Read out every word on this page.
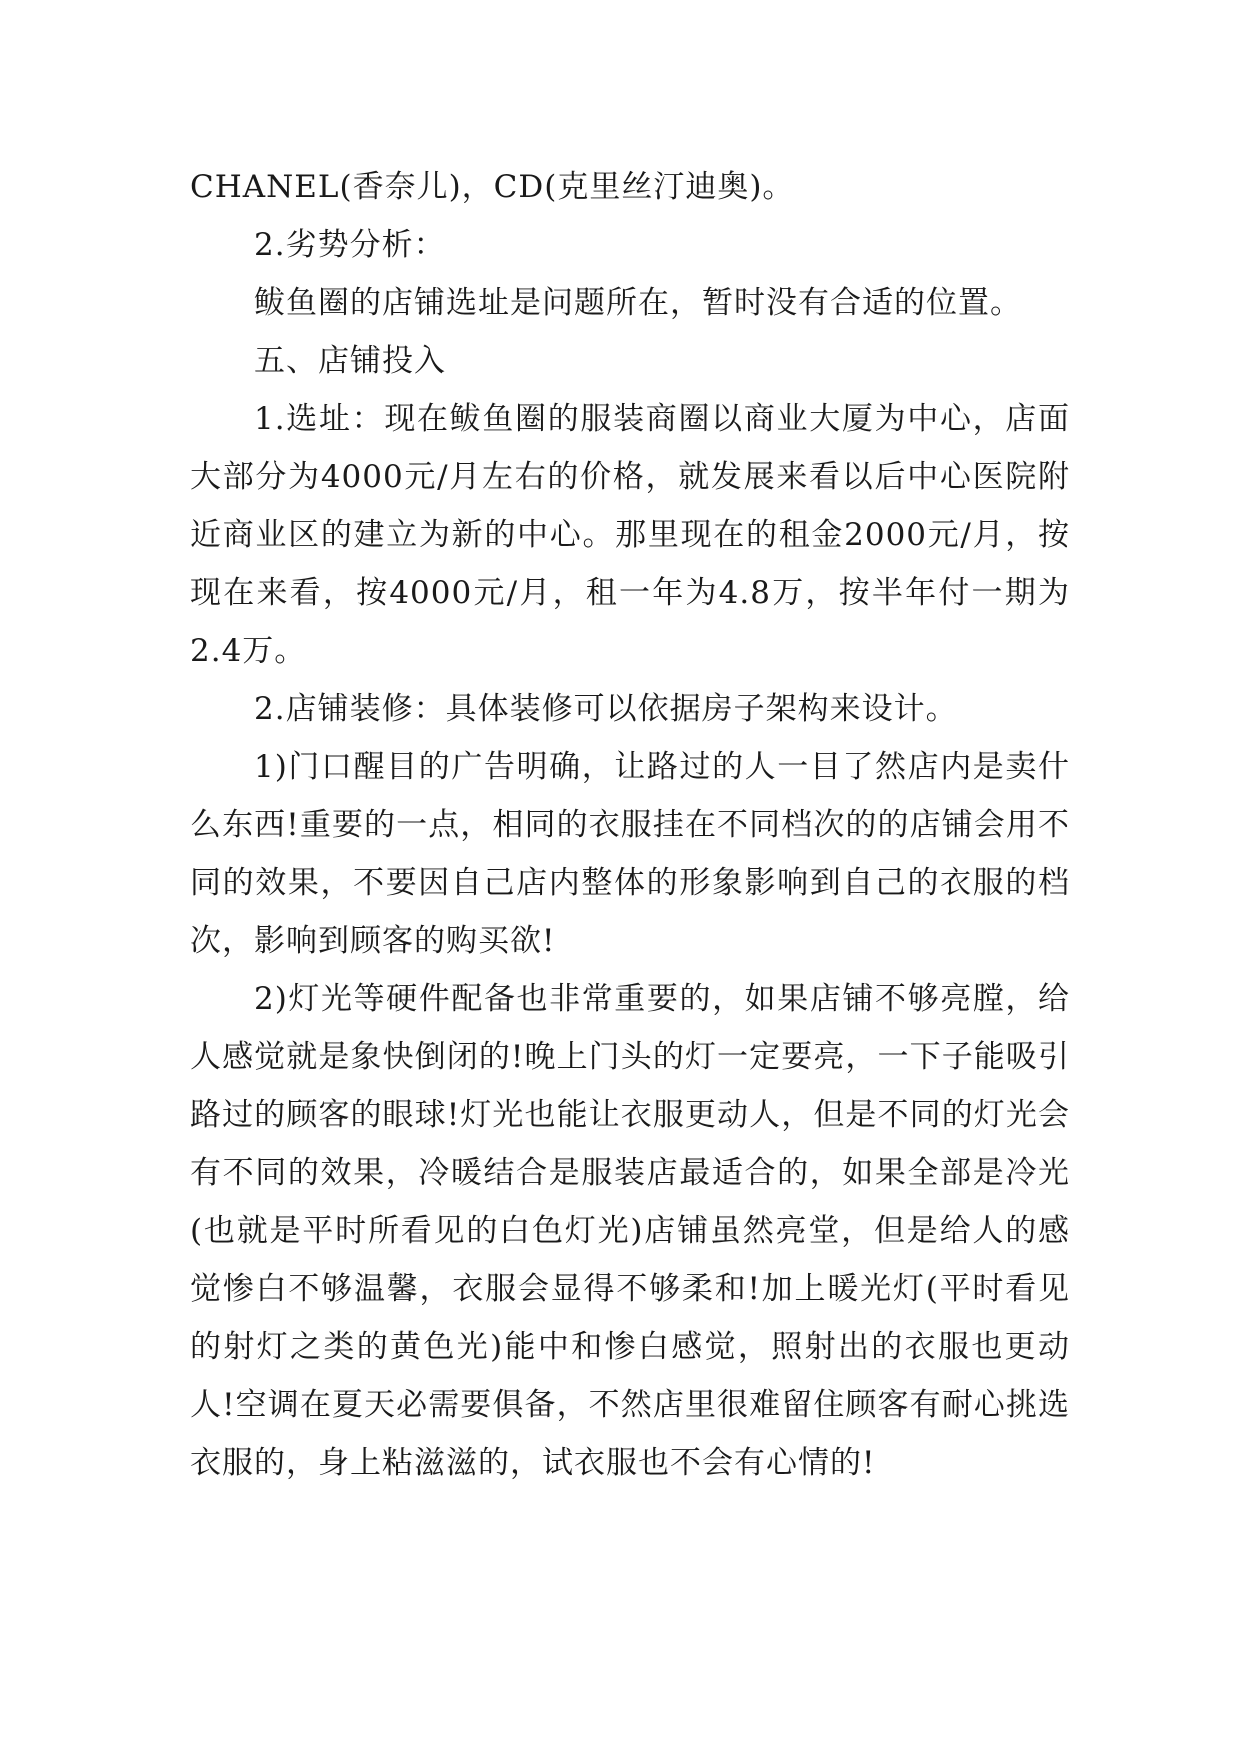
CHANEL(香奈儿)，CD(克里丝汀迪奥)。

2.劣势分析：

鲅鱼圈的店铺选址是问题所在，暂时没有合适的位置。

五、店铺投入

1.选址：现在鲅鱼圈的服装商圈以商业大厦为中心，店面大部分为4000元/月左右的价格，就发展来看以后中心医院附近商业区的建立为新的中心。那里现在的租金2000元/月，按现在来看，按4000元/月，租一年为4.8万，按半年付一期为2.4万。

2.店铺装修：具体装修可以依据房子架构来设计。

1)门口醒目的广告明确，让路过的人一目了然店内是卖什么东西!重要的一点，相同的衣服挂在不同档次的的店铺会用不同的效果，不要因自己店内整体的形象影响到自己的衣服的档次，影响到顾客的购买欲!

2)灯光等硬件配备也非常重要的，如果店铺不够亮膛，给人感觉就是象快倒闭的!晚上门头的灯一定要亮，一下子能吸引路过的顾客的眼球!灯光也能让衣服更动人，但是不同的灯光会有不同的效果，冷暖结合是服装店最适合的，如果全部是冷光(也就是平时所看见的白色灯光)店铺虽然亮堂，但是给人的感觉惨白不够温馨，衣服会显得不够柔和!加上暖光灯(平时看见的射灯之类的黄色光)能中和惨白感觉，照射出的衣服也更动人!空调在夏天必需要俱备，不然店里很难留住顾客有耐心挑选衣服的，身上粘滋滋的，试衣服也不会有心情的!
